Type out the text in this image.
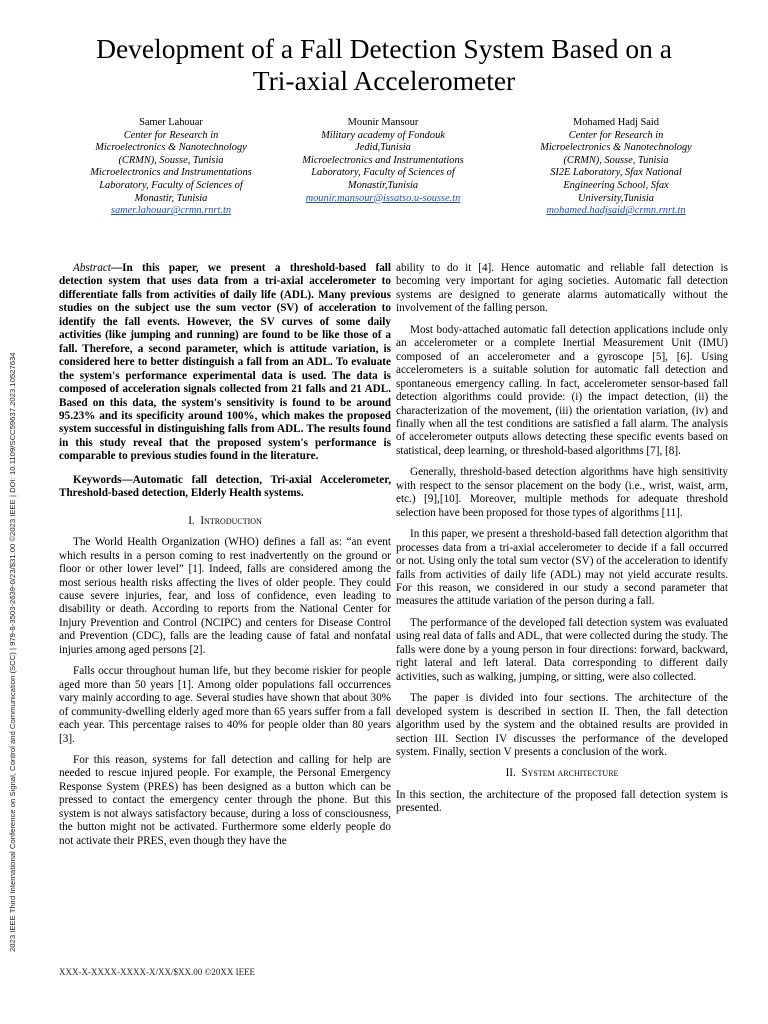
2023 IEEE Third International Conference on Signal, Control and Communication (SCC) | 979-8-3503-2639-0/23/$31.00 ©2023 IEEE | DOI: 10.1109/SCC59637.2023.10527634
Development of a Fall Detection System Based on a
Tri-axial Accelerometer
Samer Lahouar
Center for Research in
Microelectronics & Nanotechnology
(CRMN), Sousse, Tunisia
Microelectronics and Instrumentations
Laboratory, Faculty of Sciences of
Monastir, Tunisia
samer.lahouar@crmn.rnrt.tn
Mounir Mansour
Military academy of Fondouk
Jedid,Tunisia
Microelectronics and Instrumentations
Laboratory, Faculty of Sciences of
Monastir,Tunisia
mounir.mansour@issatso.u-sousse.tn
Mohamed Hadj Said
Center for Research in
Microelectronics & Nanotechnology
(CRMN), Sousse, Tunisia
SI2E Laboratory, Sfax National
Engineering School, Sfax
University,Tunisia
mohamed.hadjsaid@crmn.rnrt.tn

Abstract—In this paper, we present a threshold-based fall detection system that uses data from a tri-axial accelerometer to differentiate falls from activities of daily life (ADL). Many previous studies on the subject use the sum vector (SV) of acceleration to identify the fall events. However, the SV curves of some daily activities (like jumping and running) are found to be like those of a fall. Therefore, a second parameter, which is attitude variation, is considered here to better distinguish a fall from an ADL. To evaluate the system's performance experimental data is used. The data is composed of acceleration signals collected from 21 falls and 21 ADL. Based on this data, the system's sensitivity is found to be around 95.23% and its specificity around 100%, which makes the proposed system successful in distinguishing falls from ADL. The results found in this study reveal that the proposed system's performance is comparable to previous studies found in the literature.

Keywords—Automatic fall detection, Tri-axial Accelerometer, Threshold-based detection, Elderly Health systems.

I. Introduction

The World Health Organization (WHO) defines a fall as: “an event which results in a person coming to rest inadvertently on the ground or floor or other lower level” [1]. Indeed, falls are considered among the most serious health risks affecting the lives of older people. They could cause severe injuries, fear, and loss of confidence, even leading to disability or death. According to reports from the National Center for Injury Prevention and Control (NCIPC) and centers for Disease Control and Prevention (CDC), falls are the leading cause of fatal and nonfatal injuries among aged persons [2].

Falls occur throughout human life, but they become riskier for people aged more than 50 years [1]. Among older populations fall occurrences vary mainly according to age. Several studies have shown that about 30% of community-dwelling elderly aged more than 65 years suffer from a fall each year. This percentage raises to 40% for people older than 80 years [3].

For this reason, systems for fall detection and calling for help are needed to rescue injured people. For example, the Personal Emergency Response System (PRES) has been designed as a button which can be pressed to contact the emergency center through the phone. But this system is not always satisfactory because, during a loss of consciousness, the button might not be activated. Furthermore some elderly people do not activate their PRES, even though they have the

ability to do it [4]. Hence automatic and reliable fall detection is becoming very important for aging societies. Automatic fall detection systems are designed to generate alarms automatically without the involvement of the falling person.

Most body-attached automatic fall detection applications include only an accelerometer or a complete Inertial Measurement Unit (IMU) composed of an accelerometer and a gyroscope [5], [6]. Using accelerometers is a suitable solution for automatic fall detection and spontaneous emergency calling. In fact, accelerometer sensor-based fall detection algorithms could provide: (i) the impact detection, (ii) the characterization of the movement, (iii) the orientation variation, (iv) and finally when all the test conditions are satisfied a fall alarm. The analysis of accelerometer outputs allows detecting these specific events based on statistical, deep learning, or threshold-based algorithms [7], [8].

Generally, threshold-based detection algorithms have high sensitivity with respect to the sensor placement on the body (i.e., wrist, waist, arm, etc.) [9],[10]. Moreover, multiple methods for adequate threshold selection have been proposed for those types of algorithms [11].

In this paper, we present a threshold-based fall detection algorithm that processes data from a tri-axial accelerometer to decide if a fall occurred or not. Using only the total sum vector (SV) of the acceleration to identify falls from activities of daily life (ADL) may not yield accurate results. For this reason, we considered in our study a second parameter that measures the attitude variation of the person during a fall.

The performance of the developed fall detection system was evaluated using real data of falls and ADL, that were collected during the study. The falls were done by a young person in four directions: forward, backward, right lateral and left lateral. Data corresponding to different daily activities, such as walking, jumping, or sitting, were also collected.

The paper is divided into four sections. The architecture of the developed system is described in section II. Then, the fall detection algorithm used by the system and the obtained results are provided in section III. Section IV discusses the performance of the developed system. Finally, section V presents a conclusion of the work.

II. System architecture

In this section, the architecture of the proposed fall detection system is presented.

XXX-X-XXXX-XXXX-X/XX/$XX.00 ©20XX IEEE
